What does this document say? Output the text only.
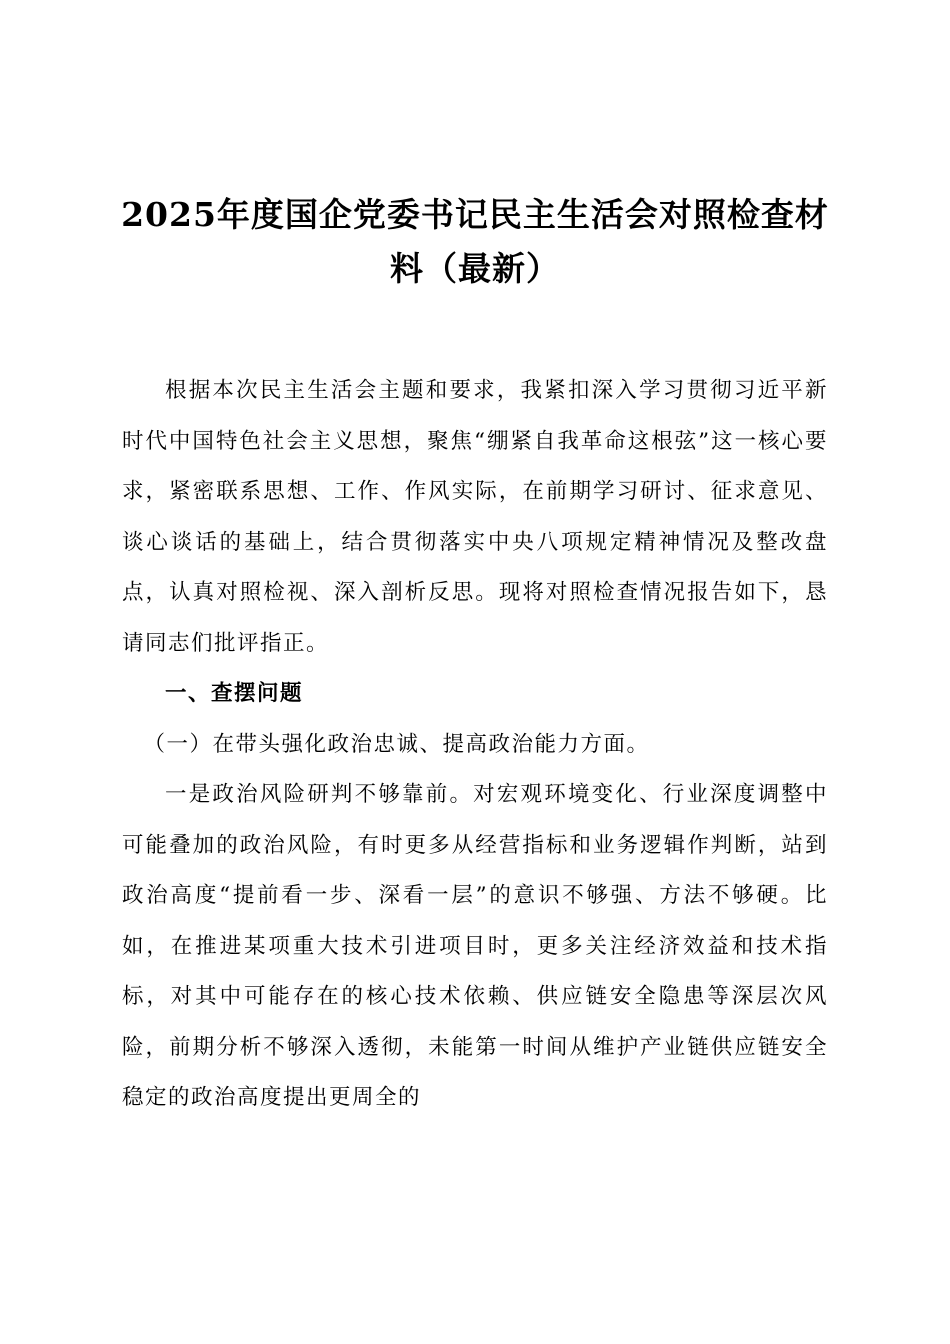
2025年度国企党委书记民主生活会对照检查材料（最新）

根据本次民主生活会主题和要求，我紧扣深入学习贯彻习近平新时代中国特色社会主义思想，聚焦“绷紧自我革命这根弦”这一核心要求，紧密联系思想、工作、作风实际，在前期学习研讨、征求意见、谈心谈话的基础上，结合贯彻落实中央八项规定精神情况及整改盘点，认真对照检视、深入剖析反思。现将对照检查情况报告如下，恳请同志们批评指正。

一、查摆问题

（一）在带头强化政治忠诚、提高政治能力方面。

一是政治风险研判不够靠前。对宏观环境变化、行业深度调整中可能叠加的政治风险，有时更多从经营指标和业务逻辑作判断，站到政治高度“提前看一步、深看一层”的意识不够强、方法不够硬。比如，在推进某项重大技术引进项目时，更多关注经济效益和技术指标，对其中可能存在的核心技术依赖、供应链安全隐患等深层次风险，前期分析不够深入透彻，未能第一时间从维护产业链供应链安全稳定的政治高度提出更周全的
